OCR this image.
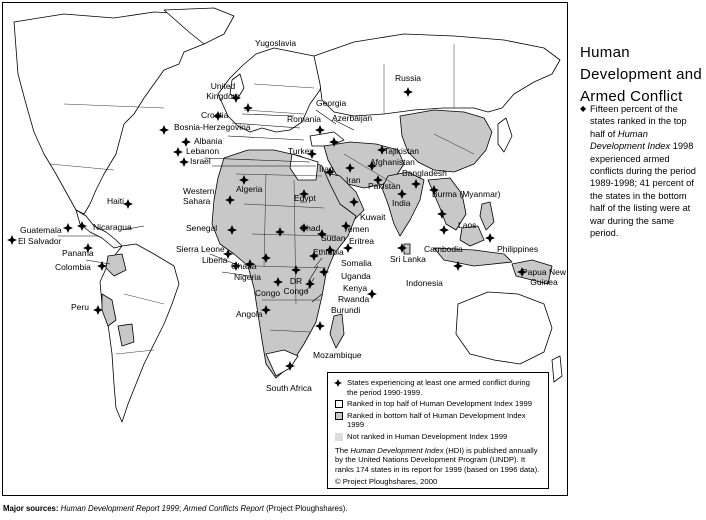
Yugoslavia
Russia
United Kingdom
Georgia
Romania Azerbaijan
Croatia
Bosnia-Herzegovina
Albania
Tajikistan
Lebanon	Turkey
Afghanistan
Israel
Iraq
Iran
Pakistan
Bangladesh
Haiti
Western Sahara
Algeria
Egypt	India
Burma (Myanmar)
Kuwait
Guatemala	Nicaragua	Senegal	Yemen
El Salvador
Chad
Sudan Eritrea
Laos
Sierra Leone
Panama	Ethiopia	Cambodia	Philippines
Liberia
Colombia	Ghana
Nigeria
Somalia Sri Lanka
Uganda	Papua New Guinea
Indonesia
Kenya
DR Congo
Congo
Rwanda
Peru	Burundi
Angola
Mozambique
South Africa
States experiencing at least one armed conflict during the period 1990-1999.
Ranked in top half of Human Development Index 1999
Ranked in bottom half of Human Development Index 1999
Not ranked in Human Development Index 1999
The Human Development Index (HDI) is published annually by the United Nations Development Program (UNDP). It ranks 174 states in its report for 1999 (based on 1996 data).
© Project Ploughshares, 2000
Human Development and Armed Conflict
◆ Fifteen percent of the states ranked in the top half of Human Development Index 1998 experienced armed conflicts during the period 1989-1998; 41 percent of the states in the bottom half of the listing were at war during the same period.
Major sources: Human Development Report 1999; Armed Conflicts Report (Project Ploughshares).
